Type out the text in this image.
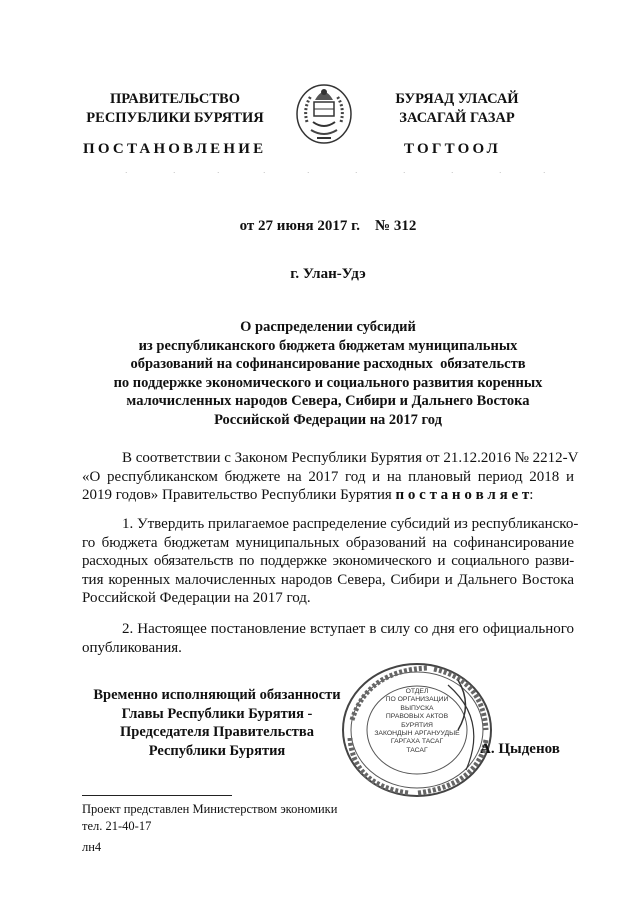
ПРАВИТЕЛЬСТВО
РЕСПУБЛИКИ БУРЯТИЯ
БУРЯАД УЛАСАЙ
ЗАСАГАЙ ГАЗАР
ПОСТАНОВЛЕНИЕ	ТОГТООЛ
·	·	·	·	·	·	·	·	·	·
от 27 июня 2017 г.    № 312
г. Улан-Удэ
О распределении субсидий
из республиканского бюджета бюджетам муниципальных
образований на софинансирование расходных  обязательств
по поддержке экономического и социального развития коренных
малочисленных народов Севера, Сибири и Дальнего Востока
Российской Федерации на 2017 год
В соответствии с Законом Республики Бурятия от 21.12.2016 № 2212-V
«О республиканском бюджете на 2017 год и на плановый период 2018 и
2019 годов» Правительство Республики Бурятия п о с т а н о в л я е т:
1. Утвердить прилагаемое распределение субсидий из республиканско-
го бюджета бюджетам муниципальных образований на софинансирование
расходных обязательств по поддержке экономического и социального разви-
тия коренных малочисленных народов Севера, Сибири и Дальнего Востока
Российской Федерации на 2017 год.
2. Настоящее постановление вступает в силу со дня его официального
опубликования.
Временно исполняющий обязанности
Главы Республики Бурятия -
Председателя Правительства
Республики Бурятия
ОТДЕЛ
ПО ОРГАНИЗАЦИИ
ВЫПУСКА
ПРАВОВЫХ АКТОВ
БУРЯТИЯ
ЗАКОНДЫН АРГАНУУДЫЕ
ГАРГАХА ТАСАГ
ТАСАГ	А. Цыденов
Проект представлен Министерством экономики
тел. 21-40-17
лн4
